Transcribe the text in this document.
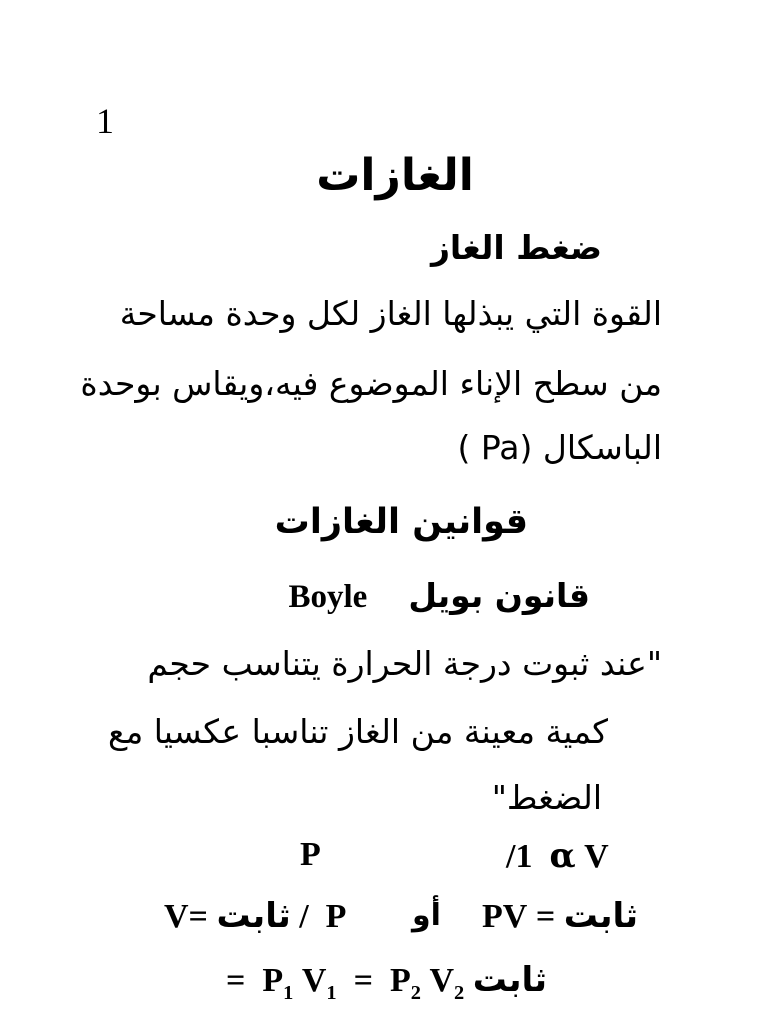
1
الغازات
ضغط الغاز
القوة التي يبذلها الغاز لكل وحدة مساحة
من سطح الإناء الموضوع فيه،ويقاس بوحدة
الباسكال (Pa )
قوانين الغازات
Boyle قانون بويل
"عند ثبوت درجة الحرارة يتناسب حجم
كمية معينة من الغاز تناسبا عكسيا مع
الضغط"
P	/1  α V
V= ثابت /  P أو PV = ثابت
=  $P_1$ $V_1 = P_2$ $V_2$ ثابت
